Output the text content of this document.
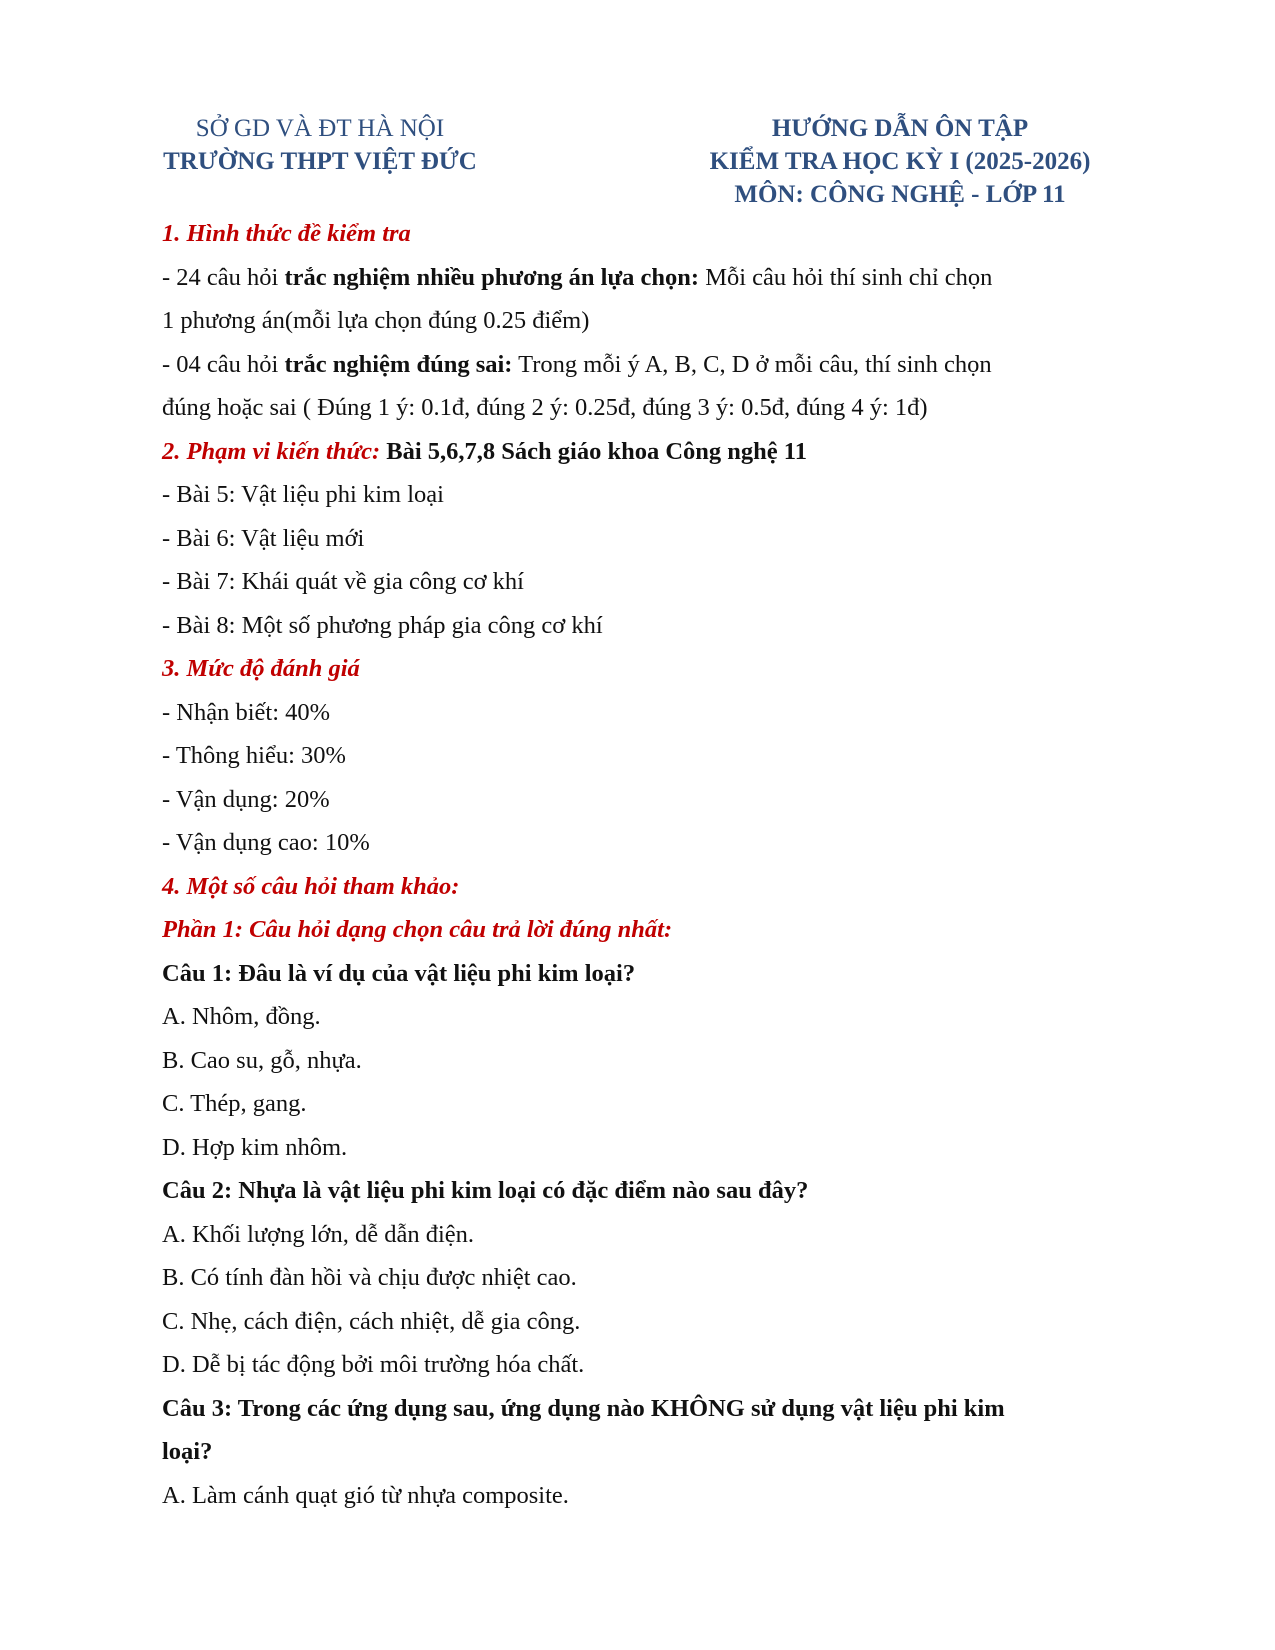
SỞ GD VÀ ĐT HÀ NỘI
TRƯỜNG THPT VIỆT ĐỨC
HƯỚNG DẪN ÔN TẬP
KIỂM TRA HỌC KỲ I (2025-2026)
MÔN: CÔNG NGHỆ - LỚP 11
1. Hình thức đề kiểm tra
- 24 câu hỏi trắc nghiệm nhiều phương án lựa chọn: Mỗi câu hỏi thí sinh chỉ chọn
1 phương án(mỗi lựa chọn đúng 0.25 điểm)
- 04 câu hỏi trắc nghiệm đúng sai: Trong mỗi ý A, B, C, D ở mỗi câu, thí sinh chọn
đúng hoặc sai ( Đúng 1 ý: 0.1đ, đúng 2 ý: 0.25đ, đúng 3 ý: 0.5đ, đúng 4 ý: 1đ)
2. Phạm vi kiến thức: Bài 5,6,7,8 Sách giáo khoa Công nghệ 11
- Bài 5: Vật liệu phi kim loại
- Bài 6: Vật liệu mới
- Bài 7: Khái quát về gia công cơ khí
- Bài 8: Một số phương pháp gia công cơ khí
3. Mức độ đánh giá
- Nhận biết: 40%
- Thông hiểu: 30%
- Vận dụng: 20%
- Vận dụng cao: 10%
4. Một số câu hỏi tham khảo:
Phần 1: Câu hỏi dạng chọn câu trả lời đúng nhất:
Câu 1: Đâu là ví dụ của vật liệu phi kim loại?
A. Nhôm, đồng.
B. Cao su, gỗ, nhựa.
C. Thép, gang.
D. Hợp kim nhôm.
Câu 2: Nhựa là vật liệu phi kim loại có đặc điểm nào sau đây?
A. Khối lượng lớn, dễ dẫn điện.
B. Có tính đàn hồi và chịu được nhiệt cao.
C. Nhẹ, cách điện, cách nhiệt, dễ gia công.
D. Dễ bị tác động bởi môi trường hóa chất.
Câu 3: Trong các ứng dụng sau, ứng dụng nào KHÔNG sử dụng vật liệu phi kim
loại?
A. Làm cánh quạt gió từ nhựa composite.
